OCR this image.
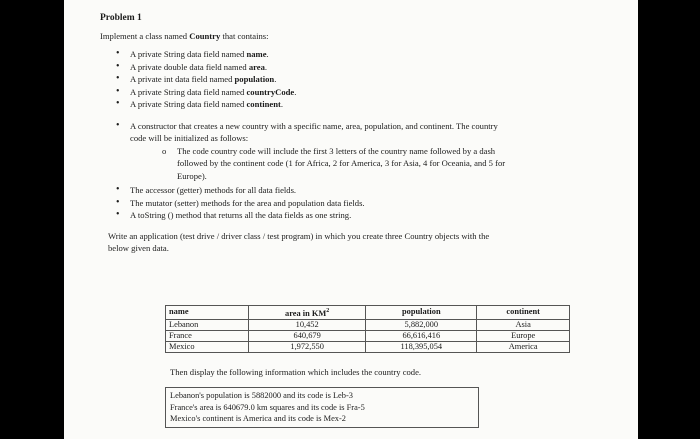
Problem 1
Implement a class named Country that contains:
• A private String data field named name.
• A private double data field named area.
• A private int data field named population.
• A private String data field named countryCode.
• A private String data field named continent.
• A constructor that creates a new country with a specific name, area, population, and continent. The country
code will be initialized as follows:
o The code country code will include the first 3 letters of the country name followed by a dash
followed by the continent code (1 for Africa, 2 for America, 3 for Asia, 4 for Oceania, and 5 for
Europe).
• The accessor (getter) methods for all data fields.
• The mutator (setter) methods for the area and population data fields.
• A toString () method that returns all the data fields as one string.
Write an application (test drive / driver class / test program) in which you create three Country objects with the
below given data.
name	area in $KM^2$	population	continent
Lebanon	10,452	5,882,000	Asia
France	640,679	66,616,416	Europe
Mexico	1,972,550	118,395,054	America
Then display the following information which includes the country code.
Lebanon's population is 5882000 and its code is Leb-3
France's area is 640679.0 km squares and its code is Fra-5
Mexico's continent is America and its code is Mex-2
